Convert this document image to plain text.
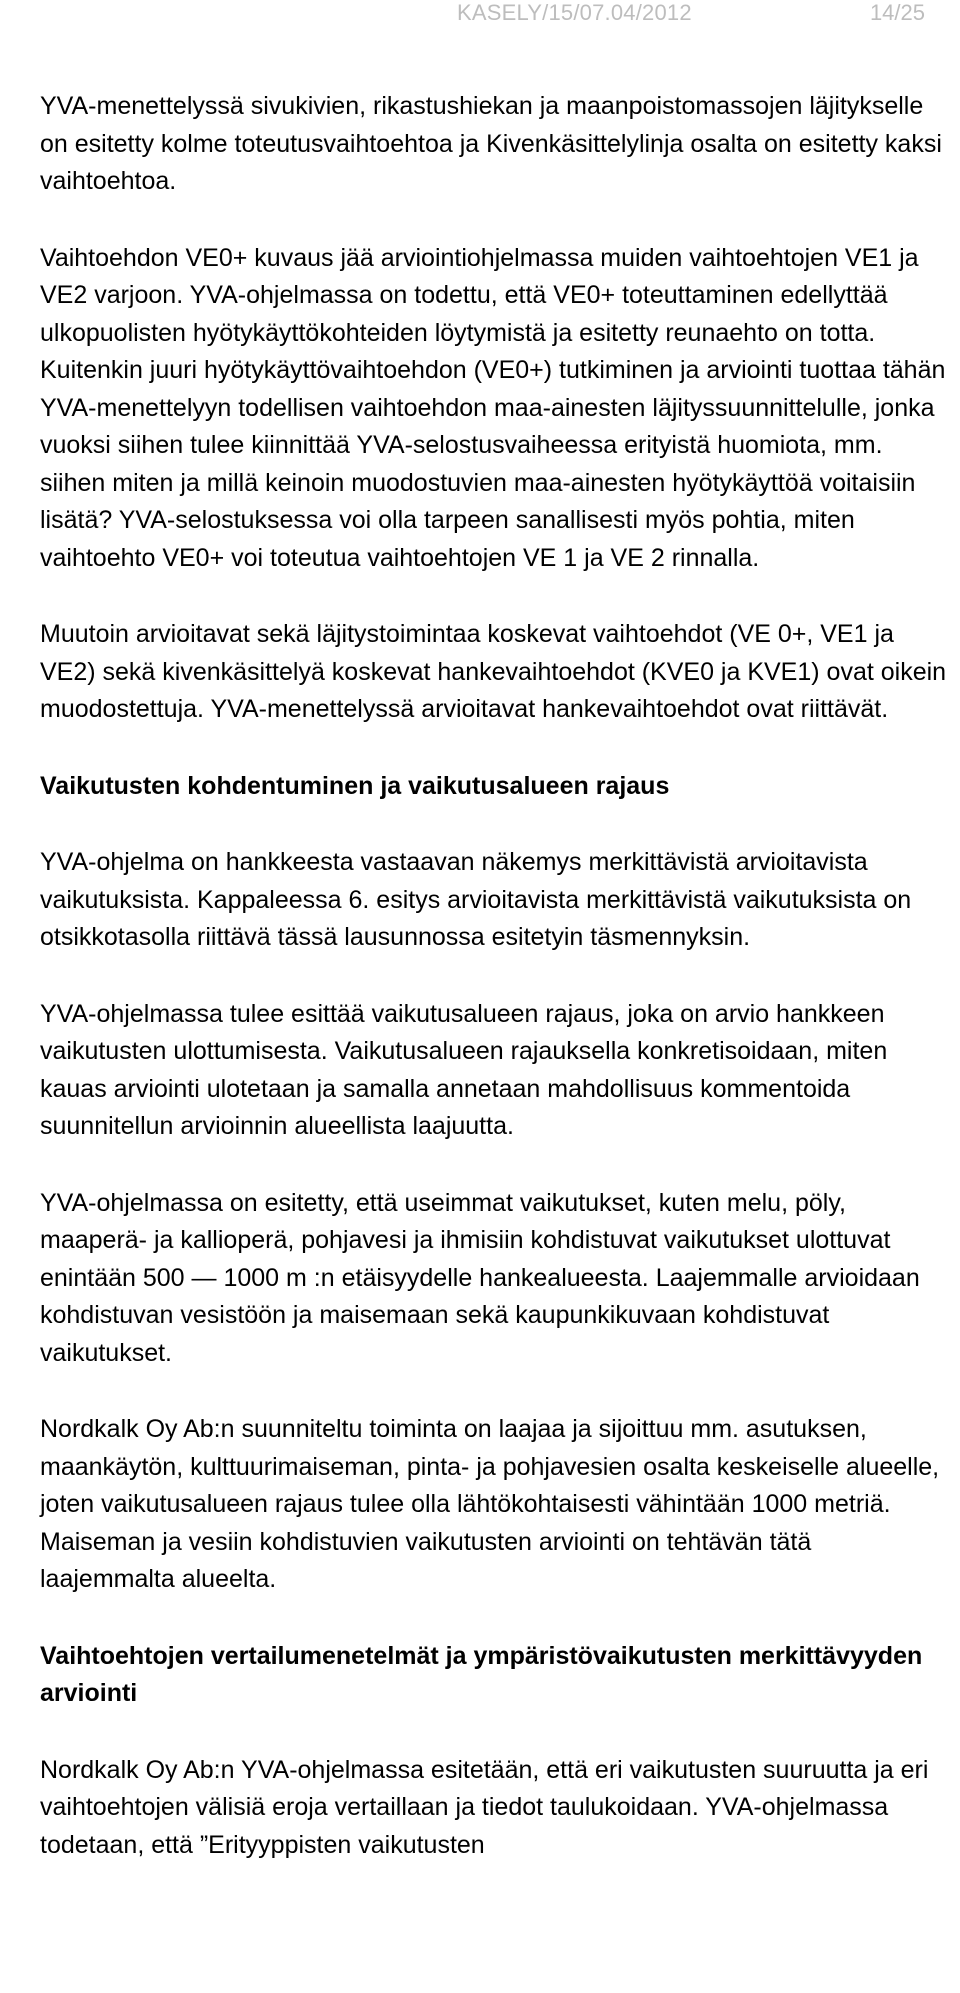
KASELY/15/07.04/2012	14/25

YVA-menettelyssä sivukivien, rikastushiekan ja maanpoistomassojen läjitykselle on esitetty kolme toteutusvaihtoehtoa ja Kivenkäsittelylinja osalta on esitetty kaksi vaihtoehtoa.

Vaihtoehdon VE0+ kuvaus jää arviointiohjelmassa muiden vaihtoehtojen VE1 ja VE2 varjoon. YVA-ohjelmassa on todettu, että VE0+ toteuttaminen edellyttää ulkopuolisten hyötykäyttökohteiden löytymistä ja esitetty reunaehto on totta. Kuitenkin juuri hyötykäyttövaihtoehdon (VE0+) tutkiminen ja arviointi tuottaa tähän YVA-menettelyyn todellisen vaihtoehdon maa-ainesten läjityssuunnittelulle, jonka vuoksi siihen tulee kiinnittää YVA-selostusvaiheessa erityistä huomiota, mm. siihen miten ja millä keinoin muodostuvien maa-ainesten hyötykäyttöä voitaisiin lisätä? YVA-selostuksessa voi olla tarpeen sanallisesti myös pohtia, miten vaihtoehto VE0+ voi toteutua vaihtoehtojen VE 1 ja VE 2 rinnalla.

Muutoin arvioitavat sekä läjitystoimintaa koskevat vaihtoehdot (VE 0+, VE1 ja VE2) sekä kivenkäsittelyä koskevat hankevaihtoehdot (KVE0 ja KVE1) ovat oikein muodostettuja. YVA-menettelyssä arvioitavat hankevaihtoehdot ovat riittävät.

Vaikutusten kohdentuminen ja vaikutusalueen rajaus

YVA-ohjelma on hankkeesta vastaavan näkemys merkittävistä arvioitavista vaikutuksista. Kappaleessa 6. esitys arvioitavista merkittävistä vaikutuksista on otsikkotasolla riittävä tässä lausunnossa esitetyin täsmennyksin.

YVA-ohjelmassa tulee esittää vaikutusalueen rajaus, joka on arvio hankkeen vaikutusten ulottumisesta. Vaikutusalueen rajauksella konkretisoidaan, miten kauas arviointi ulotetaan ja samalla annetaan mahdollisuus kommentoida suunnitellun arvioinnin alueellista laajuutta.

YVA-ohjelmassa on esitetty, että useimmat vaikutukset, kuten melu, pöly, maaperä- ja kallioperä, pohjavesi ja ihmisiin kohdistuvat vaikutukset ulottuvat enintään 500 — 1000 m :n etäisyydelle hankealueesta. Laajemmalle arvioidaan kohdistuvan vesistöön ja maisemaan sekä kaupunkikuvaan kohdistuvat vaikutukset.

Nordkalk Oy Ab:n suunniteltu toiminta on laajaa ja sijoittuu mm. asutuksen, maankäytön, kulttuurimaiseman, pinta- ja pohjavesien osalta keskeiselle alueelle, joten vaikutusalueen rajaus tulee olla lähtökohtaisesti vähintään 1000 metriä. Maiseman ja vesiin kohdistuvien vaikutusten arviointi on tehtävän tätä laajemmalta alueelta.

Vaihtoehtojen vertailumenetelmät ja ympäristövaikutusten merkittävyyden arviointi

Nordkalk Oy Ab:n YVA-ohjelmassa esitetään, että eri vaikutusten suuruutta ja eri vaihtoehtojen välisiä eroja vertaillaan ja tiedot taulukoidaan. YVA-ohjelmassa todetaan, että ”Erityyppisten vaikutusten
